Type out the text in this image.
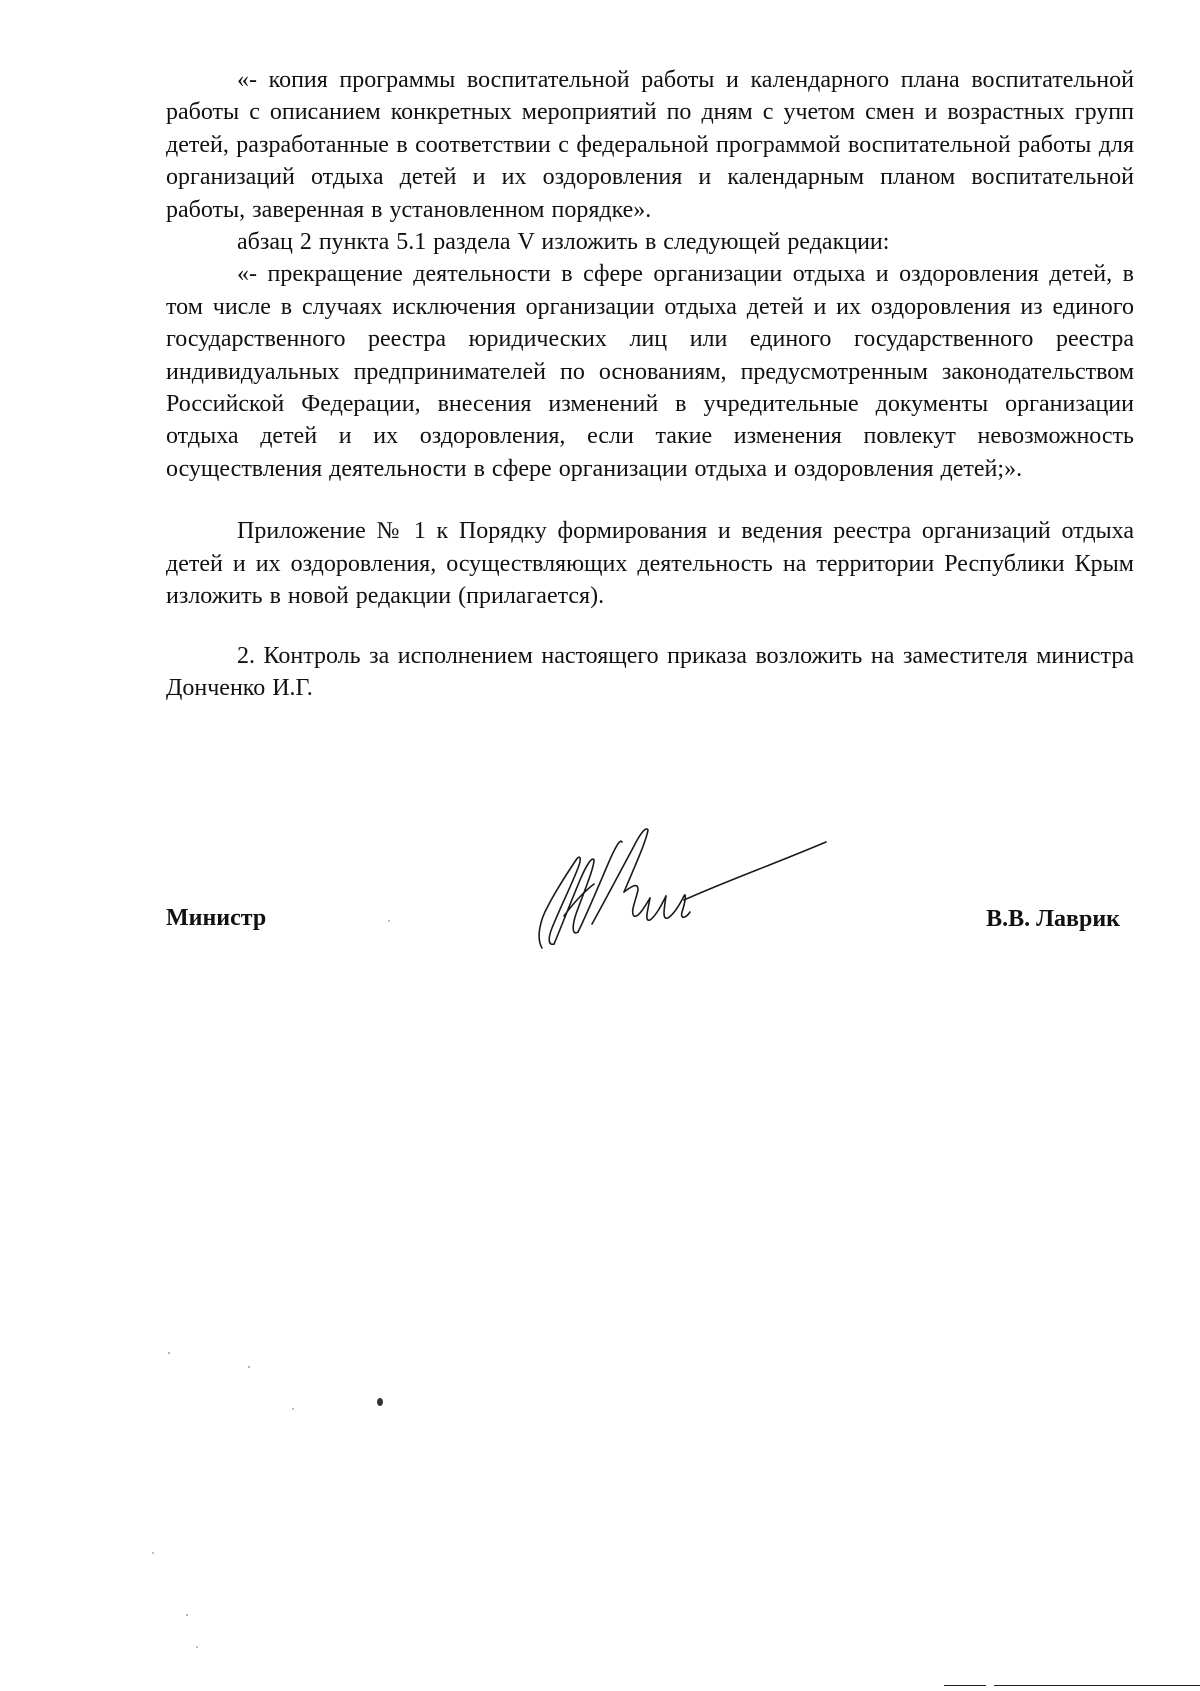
«- копия программы воспитательной работы и календарного плана воспитательной работы с описанием конкретных мероприятий по дням с учетом смен и возрастных групп детей, разработанные в соответствии с федеральной программой воспитательной работы для организаций отдыха детей и их оздоровления и календарным планом воспитательной работы, заверенная в установленном порядке».

абзац 2 пункта 5.1 раздела V изложить в следующей редакции:

«- прекращение деятельности в сфере организации отдыха и оздоровления детей, в том числе в случаях исключения организации отдыха детей и их оздоровления из единого государственного реестра юридических лиц или единого государственного реестра индивидуальных предпринимателей по основаниям, предусмотренным законодательством Российской Федерации, внесения изменений в учредительные документы организации отдыха детей и их оздоровления, если такие изменения повлекут невозможность осуществления деятельности в сфере организации отдыха и оздоровления детей;».

Приложение № 1 к Порядку формирования и ведения реестра организаций отдыха детей и их оздоровления, осуществляющих деятельность на территории Республики Крым изложить в новой редакции (прилагается).

2. Контроль за исполнением настоящего приказа возложить на заместителя министра Донченко И.Г.

Министр	В.В. Лаврик
